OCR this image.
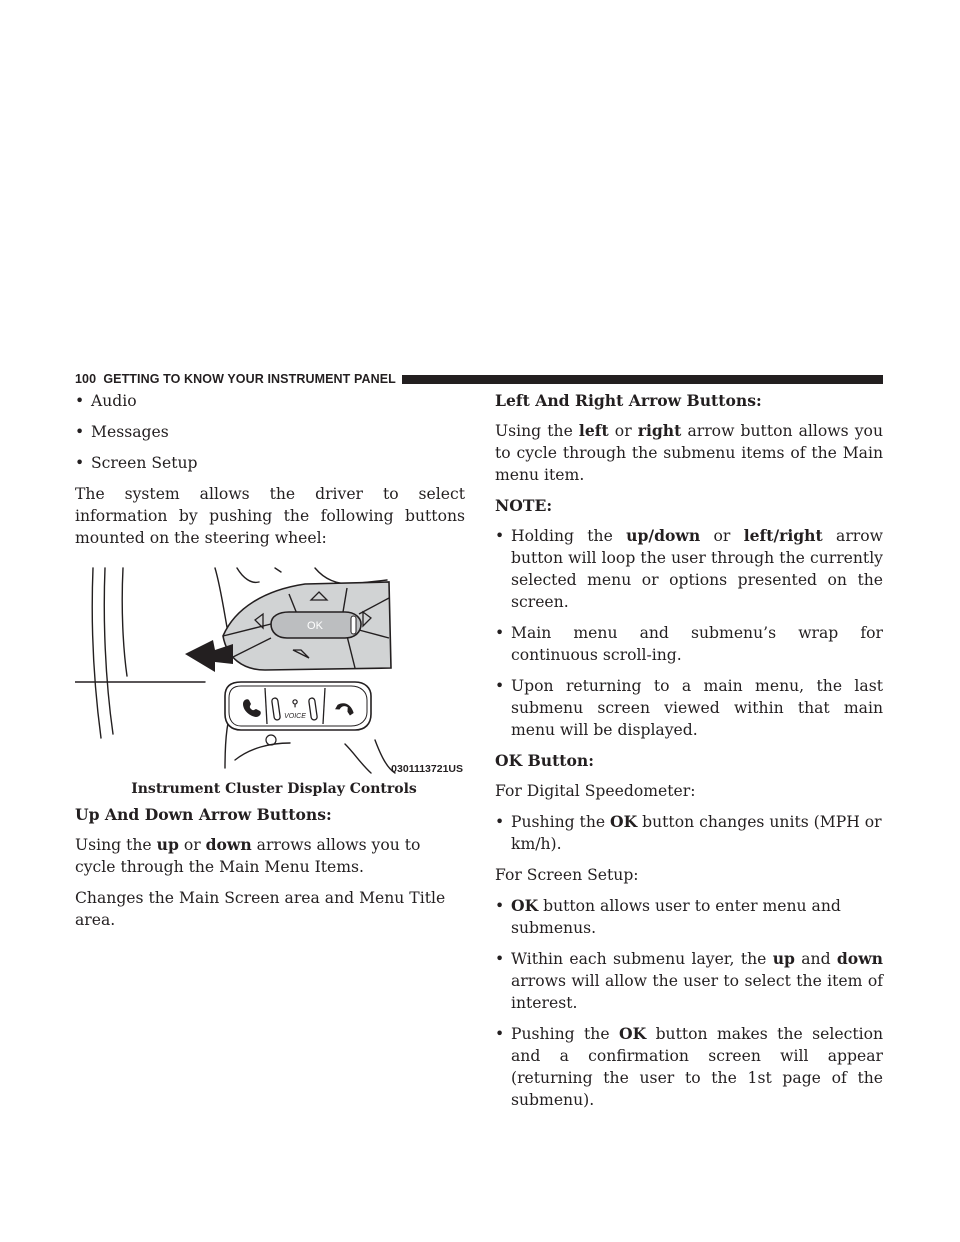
100 GETTING TO KNOW YOUR INSTRUMENT PANEL
• Audio
• Messages
• Screen Setup

The system allows the driver to select information by pushing the following buttons mounted on the steering wheel:

OK
⚲
VOICE
0301113721US
Instrument Cluster Display Controls

Up And Down Arrow Buttons:

Using the up or down arrows allows you to cycle through the Main Menu Items.

Changes the Main Screen area and Menu Title area.

Left And Right Arrow Buttons:

Using the left or right arrow button allows you to cycle through the submenu items of the Main menu item.

NOTE:

• Holding the up/down or left/right arrow button will loop the user through the currently selected menu or options presented on the screen.
• Main menu and submenu’s wrap for continuous scroll-ing.
• Upon returning to a main menu, the last submenu screen viewed within that main menu will be displayed.

OK Button:

For Digital Speedometer:

• Pushing the OK button changes units (MPH or km/h).

For Screen Setup:

• OK button allows user to enter menu and submenus.
• Within each submenu layer, the up and down arrows will allow the user to select the item of interest.
• Pushing the OK button makes the selection and a confirmation screen will appear (returning the user to the 1st page of the submenu).
